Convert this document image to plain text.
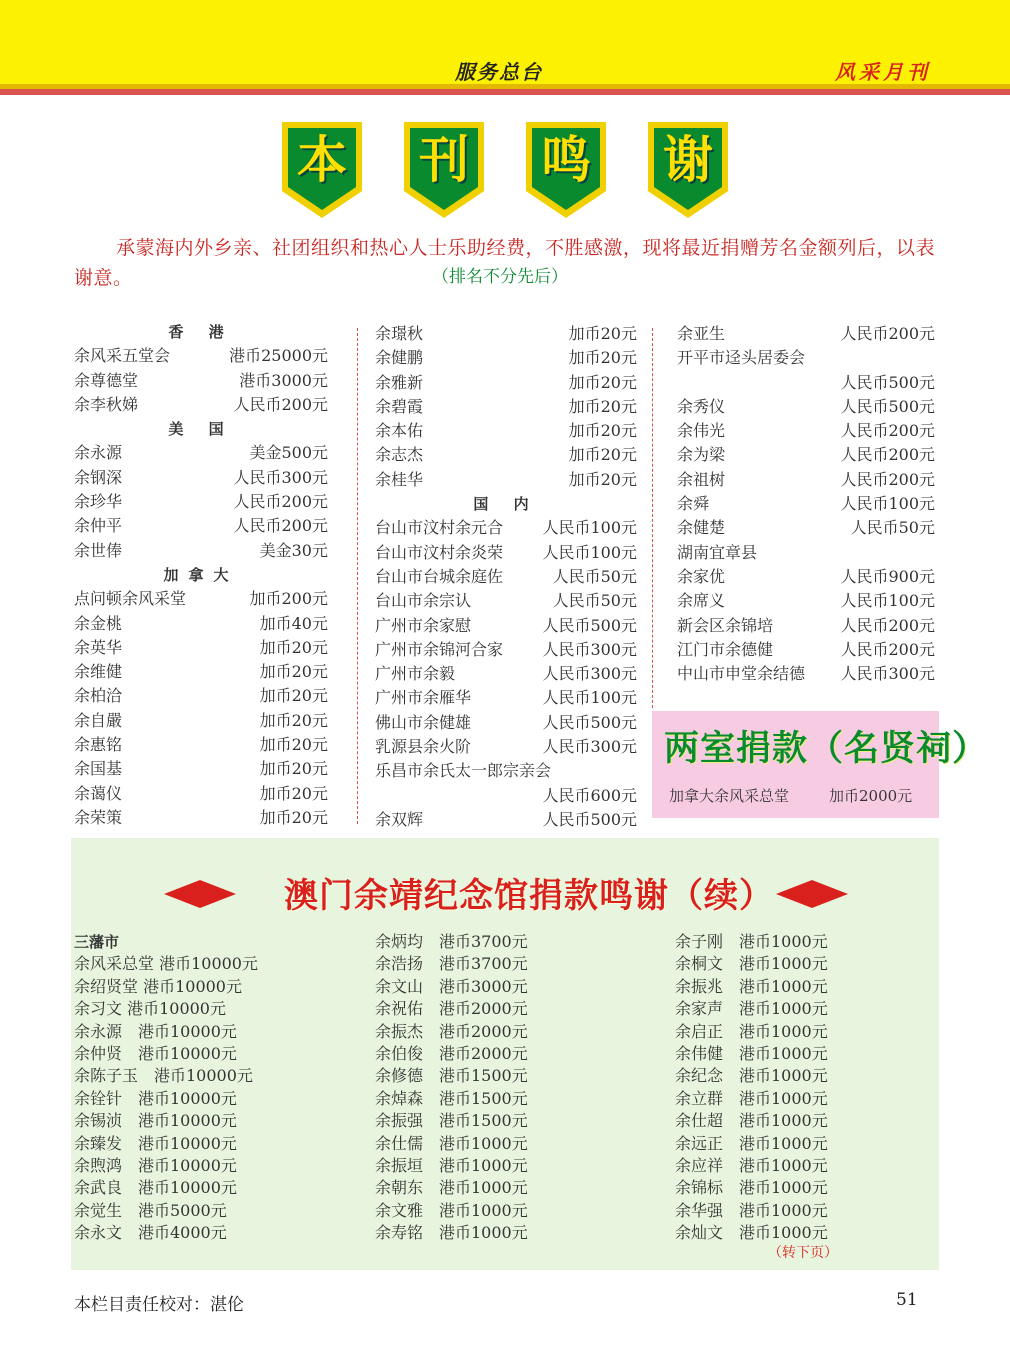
服务总台	风采月刊
本	刊	鸣	谢
承蒙海内外乡亲、社团组织和热心人士乐助经费，不胜感激，现将最近捐赠芳名金额列后，以表谢意。	（排名不分先后）
香 港
余风采五堂会	港币25000元
余尊德堂	港币3000元
余李秋娣	人民币200元
美 国
余永源	美金500元
余钢深	人民币300元
余珍华	人民币200元
余仲平	人民币200元
余世俸	美金30元
加拿大
点问顿余风采堂	加币200元
余金桃	加币40元
余英华	加币20元
余维健	加币20元
余柏洽	加币20元
余自嚴	加币20元
余惠铭	加币20元
余国基	加币20元
余蔼仪	加币20元
余荣策	加币20元
余璟秋	加币20元
余健鹏	加币20元
余雅新	加币20元
余碧霞	加币20元
余本佑	加币20元
余志杰	加币20元
余桂华	加币20元
国 内
台山市汶村余元合 人民币100元
台山市汶村余炎荣 人民币100元
台山市台城余庭佐	人民币50元
台山市余宗认	人民币50元
广州市余家慰	人民币500元
广州市余锦河合家 人民币300元
广州市余毅	人民币300元
广州市余雁华	人民币100元
佛山市余健雄	人民币500元
乳源县余火阶	人民币300元
乐昌市余氏太一郎宗亲会
人民币600元
余双辉	人民币500元
余亚生	人民币200元
开平市迳头居委会
人民币500元
余秀仪	人民币500元
余伟光	人民币200元
余为梁	人民币200元
余祖树	人民币200元
余舜	人民币100元
余健楚	人民币50元
湖南宜章县
余家优	人民币900元
余席义	人民币100元
新会区余锦培	人民币200元
江门市余德健	人民币200元
中山市申堂余结德 人民币300元
两室捐款（名贤祠）
加拿大余风采总堂	加币2000元
澳门余靖纪念馆捐款鸣谢（续）
三藩市
余风采总堂 港币10000元
余绍贤堂 港币10000元
余习文 港币10000元
余永源　港币10000元
余仲贤　港币10000元
余陈子玉　港币10000元
余铨针　港币10000元
余锡浈　港币10000元
余臻发　港币10000元
余煦鸿　港币10000元
余武良　港币10000元
余觉生　港币5000元
余永文　港币4000元
余炳均　港币3700元
余浩扬　港币3700元
余文山　港币3000元
余祝佑　港币2000元
余振杰　港币2000元
余伯俊　港币2000元
余修德　港币1500元
余焯森　港币1500元
余振强　港币1500元
余仕儒　港币1000元
余振垣　港币1000元
余朝东　港币1000元
余文雅　港币1000元
余寿铭　港币1000元
余子刚　港币1000元
余桐文　港币1000元
余振兆　港币1000元
余家声　港币1000元
余启正　港币1000元
余伟健　港币1000元
余纪念　港币1000元
余立群　港币1000元
余仕超　港币1000元
余远正　港币1000元
余应祥　港币1000元
余锦标　港币1000元
余华强　港币1000元
余灿文　港币1000元
（转下页）
本栏目责任校对：湛伦	51
